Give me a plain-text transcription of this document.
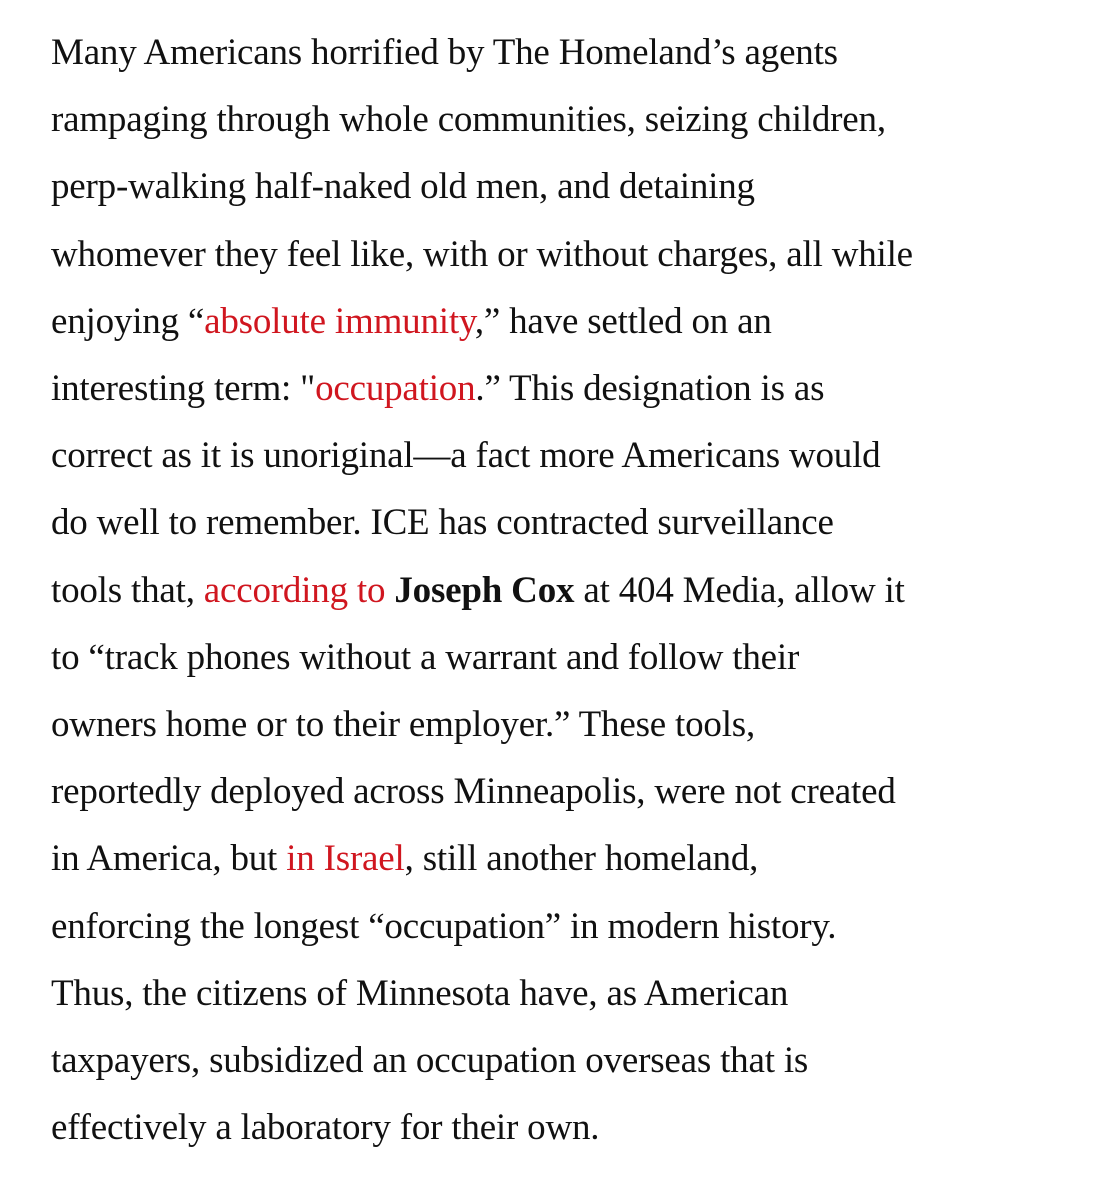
Many Americans horrified by The Homeland’s agents
rampaging through whole communities, seizing children,
perp-walking half-naked old men, and detaining
whomever they feel like, with or without charges, all while
enjoying “absolute immunity,” have settled on an
interesting term: "occupation.” This designation is as
correct as it is unoriginal—a fact more Americans would
do well to remember. ICE has contracted surveillance
tools that, according to Joseph Cox at 404 Media, allow it
to “track phones without a warrant and follow their
owners home or to their employer.” These tools,
reportedly deployed across Minneapolis, were not created
in America, but in Israel, still another homeland,
enforcing the longest “occupation” in modern history.
Thus, the citizens of Minnesota have, as American
taxpayers, subsidized an occupation overseas that is
effectively a laboratory for their own.
